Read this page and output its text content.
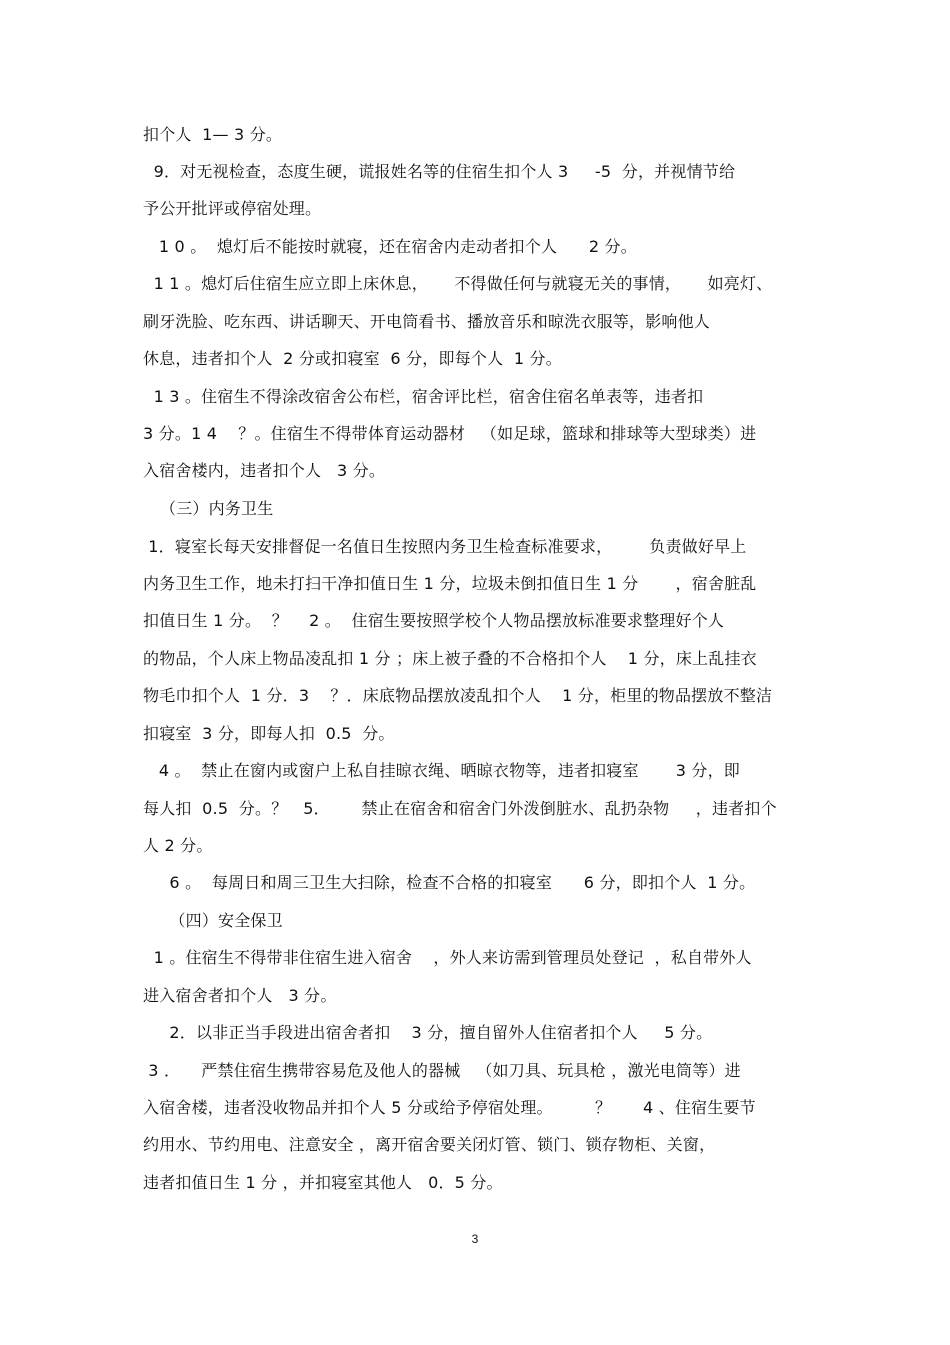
扣个人  1— 3 分。
9．对无视检查，态度生硬，谎报姓名等的住宿生扣个人 3     -5  分，并视情节给
予公开批评或停宿处理。
1 0 。  熄灯后不能按时就寝，还在宿舍内走动者扣个人      2 分。
1 1 。熄灯后住宿生应立即上床休息，     不得做任何与就寝无关的事情，     如亮灯、
刷牙洗脸、吃东西、讲话聊天、开电筒看书、播放音乐和晾洗衣服等，影响他人
休息，违者扣个人  2 分或扣寝室  6 分，即每个人  1 分。
1 3 。住宿生不得涂改宿舍公布栏，宿舍评比栏，宿舍住宿名单表等，违者扣
3 分。1 4    ？。住宿生不得带体育运动器材   （如足球，篮球和排球等大型球类）进
入宿舍楼内，违者扣个人   3 分。
（三）内务卫生
1．寝室长每天安排督促一名值日生按照内务卫生检查标准要求，       负责做好早上
内务卫生工作，地未打扫干净扣值日生 1 分，垃圾未倒扣值日生 1 分       ，宿舍脏乱
扣值日生 1 分。  ？    2 。  住宿生要按照学校个人物品摆放标准要求整理好个人
的物品，个人床上物品凌乱扣 1 分 ；床上被子叠的不合格扣个人    1 分，床上乱挂衣
物毛巾扣个人  1 分．3    ？．床底物品摆放凌乱扣个人    1 分，柜里的物品摆放不整洁
扣寝室  3 分，即每人扣  0.5  分。
4 。  禁止在窗内或窗户上私自挂晾衣绳、晒晾衣物等，违者扣寝室       3 分，即
每人扣  0.5  分。？   5．      禁止在宿舍和宿舍门外泼倒脏水、乱扔杂物     ，违者扣个
人 2 分。
6 。  每周日和周三卫生大扫除，检查不合格的扣寝室      6 分，即扣个人  1 分。
（四）安全保卫
1 。住宿生不得带非住宿生进入宿舍    ，外人来访需到管理员处登记  ，私自带外人
进入宿舍者扣个人   3 分。
2．以非正当手段进出宿舍者扣    3 分，擅自留外人住宿者扣个人     5 分。
3 ．    严禁住宿生携带容易危及他人的器械   （如刀具、玩具枪 ，激光电筒等）进
入宿舍楼，违者没收物品并扣个人 5 分或给予停宿处理。        ？      4 、住宿生要节
约用水、节约用电、注意安全 ，离开宿舍要关闭灯管、锁门、锁存物柜、关窗，
违者扣值日生 1 分 ，并扣寝室其他人   0．5 分。
3
